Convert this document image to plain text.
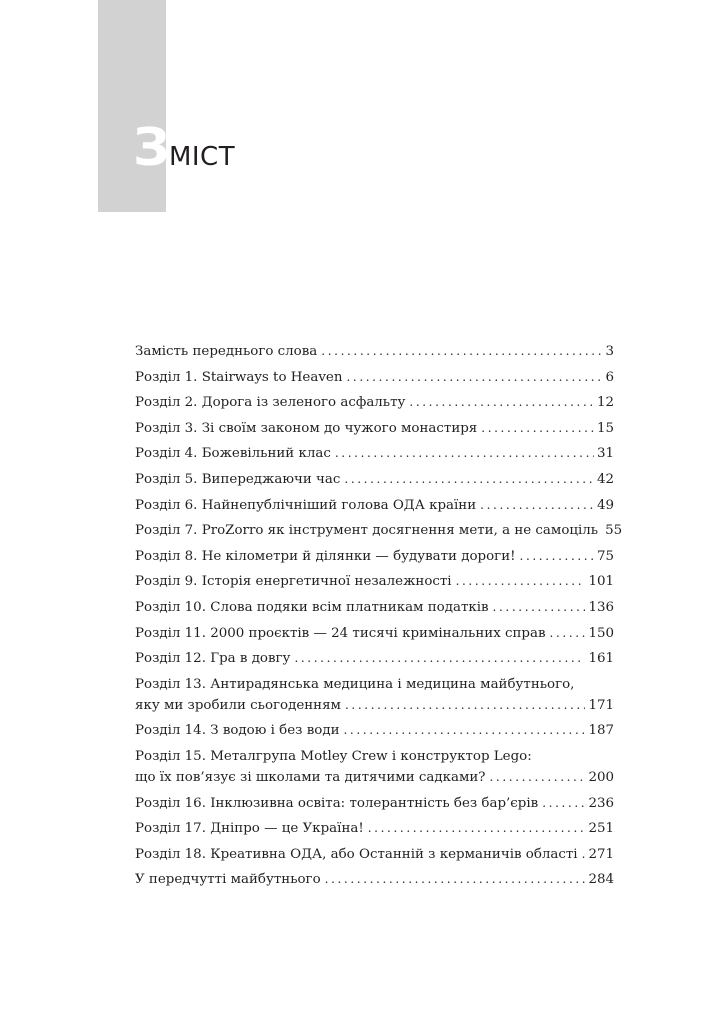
З МІСТ
Замість переднього слова . . .	3
Розділ 1. Stairways to Heaven . . .	6
Розділ 2. Дорога із зеленого асфальту . . .	12
Розділ 3. Зі своїм законом до чужого монастиря . . .	15
Розділ 4. Божевільний клас . . .	31
Розділ 5. Випереджаючи час . . .	42
Розділ 6. Найнепублічніший голова ОДА країни . . .	49
Розділ 7. ProZorro як інструмент досягнення мети, а не самоціль 55
Розділ 8. Не кілометри й ділянки — будувати дороги! . . .	75
Розділ 9. Історія енергетичної незалежності . . .	101
Розділ 10. Слова подяки всім платникам податків . . .	136
Розділ 11. 2000 проєктів — 24 тисячі кримінальних справ . . .	150
Розділ 12. Гра в довгу . . .	161
Розділ 13. Антирадянська медицина і медицина майбутнього,
яку ми зробили сьогоденням . . .	171
Розділ 14. З водою і без води . . .	187
Розділ 15. Металгрупа Motley Crew і конструктор Lego:
що їх пов’язує зі школами та дитячими садками? . . .	200
Розділ 16. Інклюзивна освіта: толерантність без бар’єрів . . .	236
Розділ 17. Дніпро — це Україна! . . .	251
Розділ 18. Креативна ОДА, або Останній з керманичів області . . . 271
У передчутті майбутнього . . .	284
